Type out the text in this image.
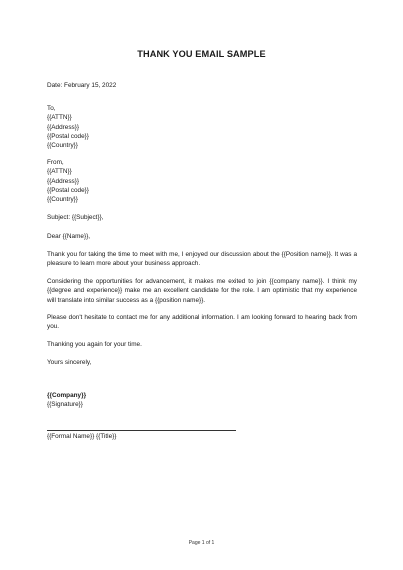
THANK YOU EMAIL SAMPLE
Date: February 15, 2022
To,
{{ATTN}}
{{Address}}
{{Postal code}}
{{Country}}
From,
{{ATTN}}
{{Address}}
{{Postal code}}
{{Country}}
Subject: {{Subject}},
Dear {{Name}},
Thank you for taking the time to meet with me, I enjoyed our discussion about the {{Position name}}. It was a pleasure to learn more about your business approach.
Considering the opportunities for advancement, it makes me exited to join {{company name}}. I think my {{degree and experience}} make me an excellent candidate for the role. I am optimistic that my experience will translate into similar success as a {{position name}}.
Please don't hesitate to contact me for any additional information. I am looking forward to hearing back from you.
Thanking you again for your time.
Yours sincerely,
{{Company}}
{{Signature}}
{{Formal Name}} {{Title}}
Page 1 of 1
